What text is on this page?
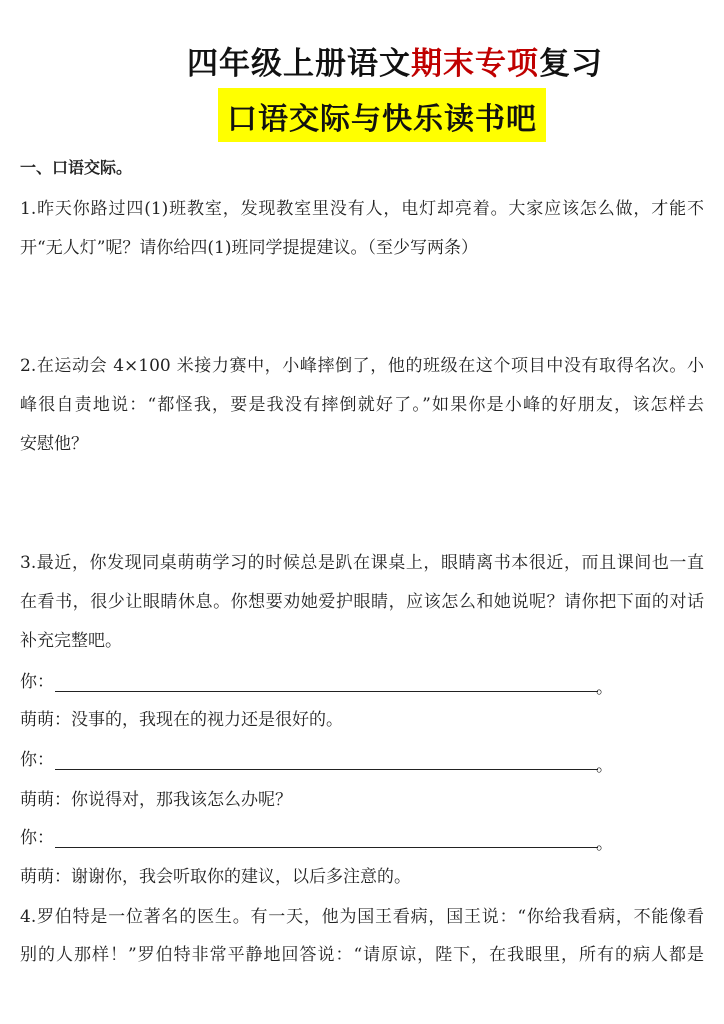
四年级上册语文期末专项复习
口语交际与快乐读书吧
一、口语交际。
1.昨天你路过四(1)班教室，发现教室里没有人，电灯却亮着。大家应该怎么做，才能不
开“无人灯”呢？请你给四(1)班同学提提建议。（至少写两条）
2.在运动会 4×100 米接力赛中，小峰摔倒了，他的班级在这个项目中没有取得名次。小
峰很自责地说：“都怪我，要是我没有摔倒就好了。”如果你是小峰的好朋友，该怎样去
安慰他？
3.最近，你发现同桌萌萌学习的时候总是趴在课桌上，眼睛离书本很近，而且课间也一直
在看书，很少让眼睛休息。你想要劝她爱护眼睛，应该怎么和她说呢？请你把下面的对话
补充完整吧。
你：	。
萌萌：没事的，我现在的视力还是很好的。
你：	。
萌萌：你说得对，那我该怎么办呢？
你：	。
萌萌：谢谢你，我会听取你的建议，以后多注意的。
4.罗伯特是一位著名的医生。有一天，他为国王看病，国王说：“你给我看病，不能像看
别的人那样！”罗伯特非常平静地回答说：“请原谅，陛下，在我眼里，所有的病人都是
